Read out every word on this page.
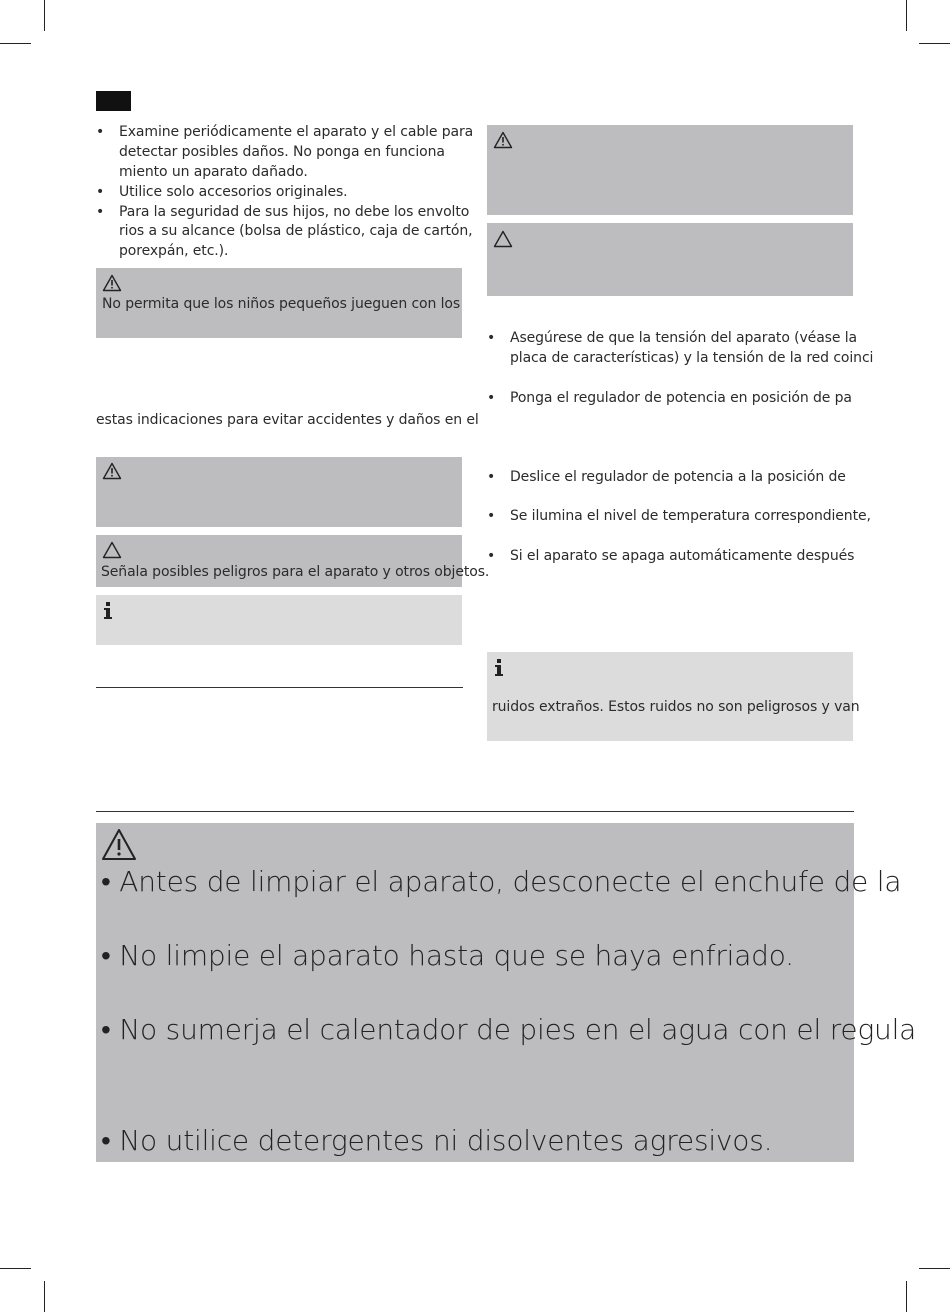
• Examine periódicamente el aparato y el cable para
detectar posibles daños. No ponga en funciona
miento un aparato dañado.
• Utilice solo accesorios originales.
• Para la seguridad de sus hijos, no debe los envolto
rios a su alcance (bolsa de plástico, caja de cartón,
porexpán, etc.).
No permita que los niños pequeños jueguen con los
estas indicaciones para evitar accidentes y daños en el
Señala posibles peligros para el aparato y otros objetos.
• Asegúrese de que la tensión del aparato (véase la
placa de características) y la tensión de la red coinci
• Ponga el regulador de potencia en posición de pa
• Deslice el regulador de potencia a la posición de
• Se ilumina el nivel de temperatura correspondiente,
• Si el aparato se apaga automáticamente después
ruidos extraños. Estos ruidos no son peligrosos y van
• Antes de limpiar el aparato, desconecte el enchufe de la
• No limpie el aparato hasta que se haya enfriado.
• No sumerja el calentador de pies en el agua con el regula
• No utilice detergentes ni disolventes agresivos.
